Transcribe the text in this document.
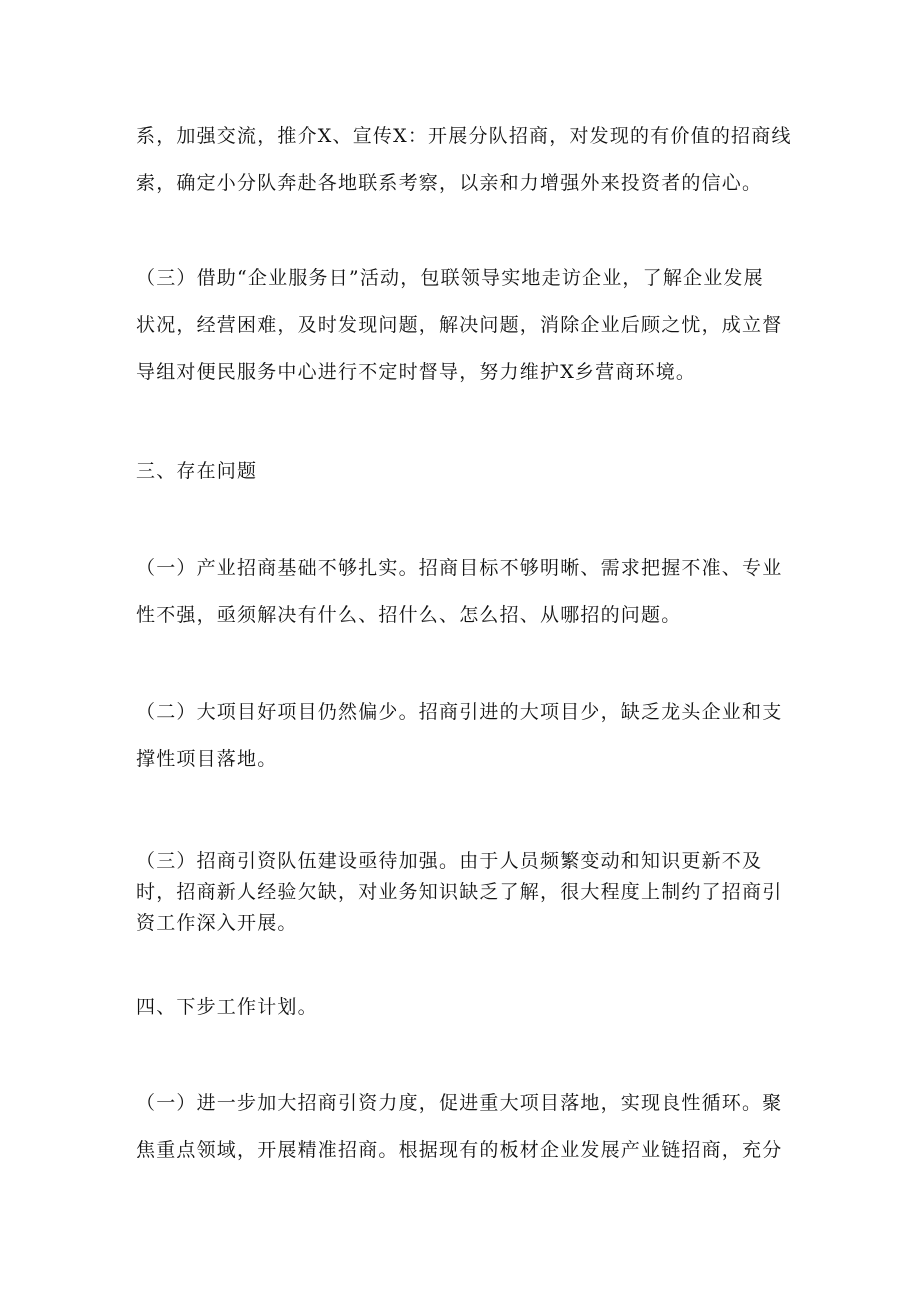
系，加强交流，推介X、宣传X：开展分队招商，对发现的有价值的招商线
索，确定小分队奔赴各地联系考察，以亲和力增强外来投资者的信心。

（三）借助“企业服务日”活动，包联领导实地走访企业，了解企业发展
状况，经营困难，及时发现问题，解决问题，消除企业后顾之忧，成立督
导组对便民服务中心进行不定时督导，努力维护X乡营商环境。

三、存在问题

（一）产业招商基础不够扎实。招商目标不够明晰、需求把握不准、专业
性不强，亟须解决有什么、招什么、怎么招、从哪招的问题。

（二）大项目好项目仍然偏少。招商引进的大项目少，缺乏龙头企业和支
撑性项目落地。

（三）招商引资队伍建设亟待加强。由于人员频繁变动和知识更新不及
时，招商新人经验欠缺，对业务知识缺乏了解，很大程度上制约了招商引
资工作深入开展。

四、下步工作计划。

（一）进一步加大招商引资力度，促进重大项目落地，实现良性循环。聚
焦重点领域，开展精准招商。根据现有的板材企业发展产业链招商，充分
